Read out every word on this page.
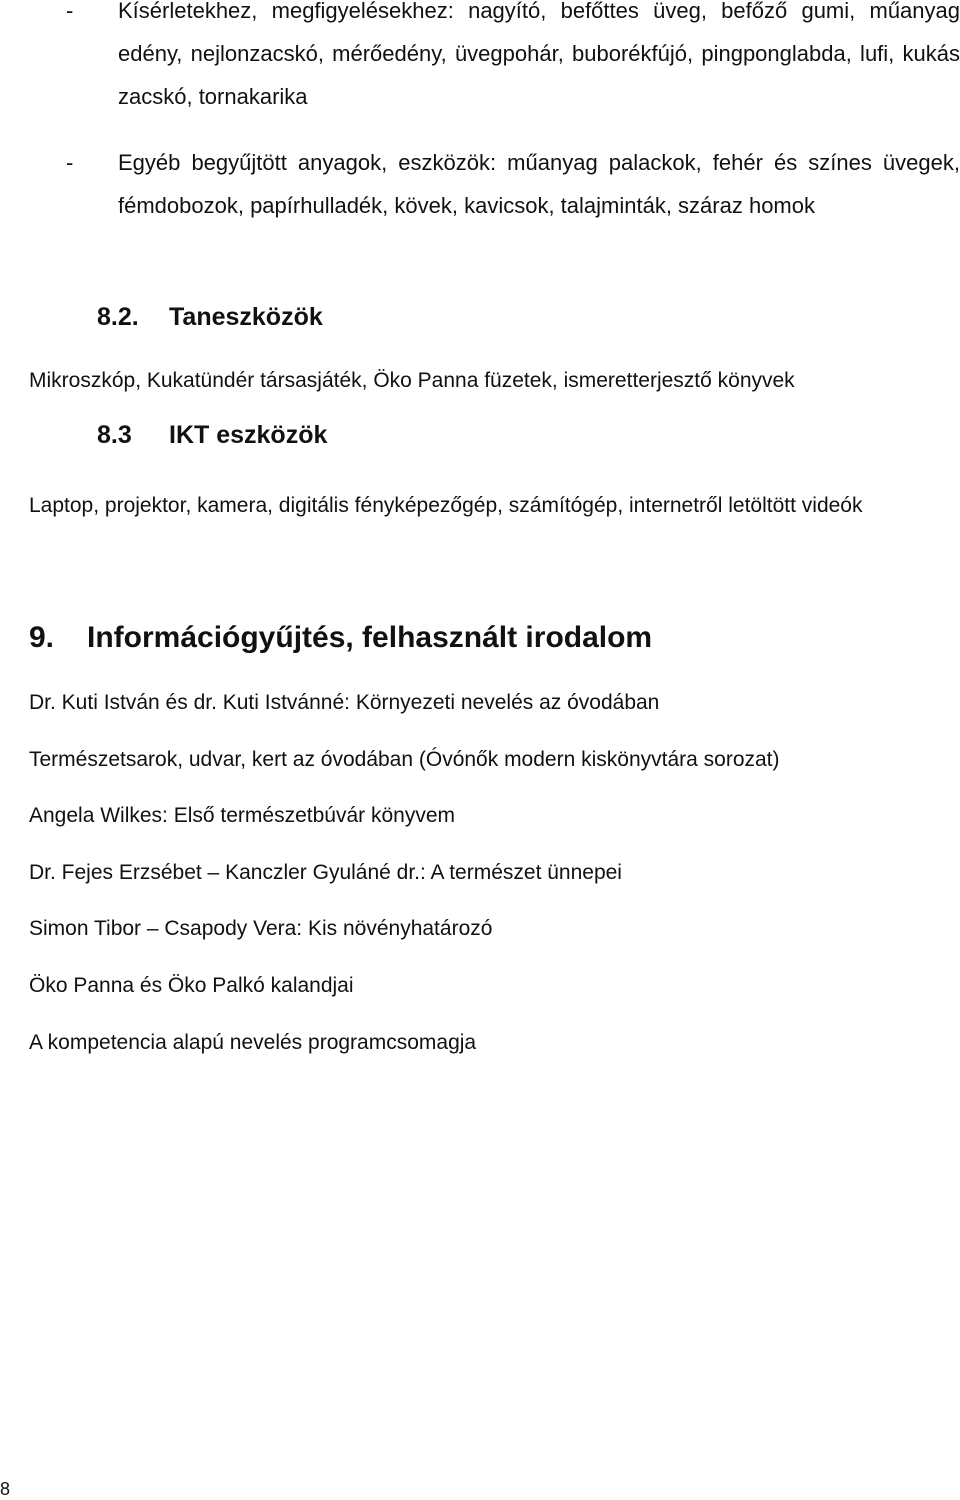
- Kísérletekhez, megfigyelésekhez: nagyító, befőttes üveg, befőző gumi, műanyag edény, nejlonzacskó, mérőedény, üvegpohár, buborékfújó, pingponglabda, lufi, kukás zacskó, tornakarika
- Egyéb begyűjtött anyagok, eszközök: műanyag palackok, fehér és színes üvegek, fémdobozok, papírhulladék, kövek, kavicsok, talajminták, száraz homok
8.2. Taneszközök
Mikroszkóp, Kukatündér társasjáték, Öko Panna füzetek, ismeretterjesztő könyvek
8.3 IKT eszközök
Laptop, projektor, kamera, digitális fényképezőgép, számítógép, internetről letöltött videók
9. Információgyűjtés, felhasznált irodalom
Dr. Kuti István és dr. Kuti Istvánné: Környezeti nevelés az óvodában
Természetsarok, udvar, kert az óvodában (Óvónők modern kiskönyvtára sorozat)
Angela Wilkes: Első természetbúvár könyvem
Dr. Fejes Erzsébet – Kanczler Gyuláné dr.: A természet ünnepei
Simon Tibor – Csapody Vera: Kis növényhatározó
Öko Panna és Öko Palkó kalandjai
A kompetencia alapú nevelés programcsomagja
8
